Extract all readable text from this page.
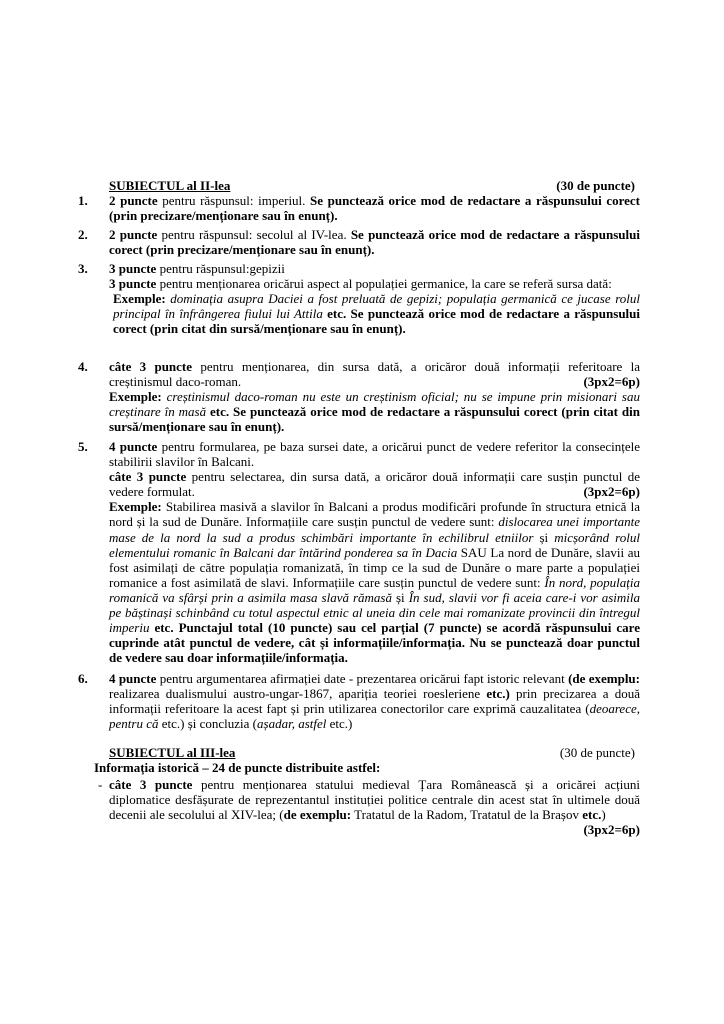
SUBIECTUL al II-lea	(30 de puncte)
1.	2 puncte pentru răspunsul: imperiul. Se punctează orice mod de redactare a răspunsului corect (prin precizare/menționare sau în enunț).
2.	2 puncte pentru răspunsul: secolul al IV-lea. Se punctează orice mod de redactare a răspunsului corect (prin precizare/menționare sau în enunț).
3.	3 puncte pentru răspunsul:gepizii

3 puncte pentru menționarea oricărui aspect al populației germanice, la care se referă sursa dată:

Exemple: dominația asupra Daciei a fost preluată de gepizi; populația germanică ce jucase rolul principal în înfrângerea fiului lui Attila etc. Se punctează orice mod de redactare a răspunsului corect (prin citat din sursă/menționare sau în enunț).

4.	câte 3 puncte pentru menționarea, din sursa dată, a oricăror două informații referitoare la creștinismul daco-roman.	(3px2=6p)

Exemple: creștinismul daco-roman nu este un creștinism oficial; nu se impune prin misionari sau creștinare în masă etc. Se punctează orice mod de redactare a răspunsului corect (prin citat din sursă/menționare sau în enunț).

5.	4 puncte pentru formularea, pe baza sursei date, a oricărui punct de vedere referitor la consecințele stabilirii slavilor în Balcani.

câte 3 puncte pentru selectarea, din sursa dată, a oricăror două informații care susțin punctul de vedere formulat.	(3px2=6p)

Exemple: Stabilirea masivă a slavilor în Balcani a produs modificări profunde în structura etnică la nord și la sud de Dunăre. Informațiile care susțin punctul de vedere sunt: dislocarea unei importante mase de la nord la sud a produs schimbări importante în echilibrul etniilor și micșorând rolul elementului romanic în Balcani dar întărind ponderea sa în Dacia SAU La nord de Dunăre, slavii au fost asimilați de către populația romanizată, în timp ce la sud de Dunăre o mare parte a populației romanice a fost asimilată de slavi. Informațiile care susțin punctul de vedere sunt: În nord, populația romanică va sfârși prin a asimila masa slavă rămasă și În sud, slavii vor fi aceia care-i vor asimila pe băștinași schinbând cu totul aspectul etnic al uneia din cele mai romanizate provincii din întregul imperiu etc. Punctajul total (10 puncte) sau cel parțial (7 puncte) se acordă răspunsului care cuprinde atât punctul de vedere, cât și informațiile/informația. Nu se punctează doar punctul de vedere sau doar informațiile/informația.

6.	4 puncte pentru argumentarea afirmației date - prezentarea oricărui fapt istoric relevant (de exemplu: realizarea dualismului austro-ungar-1867, apariția teoriei roesleriene etc.) prin precizarea a două informații referitoare la acest fapt și prin utilizarea conectorilor care exprimă cauzalitatea (deoarece, pentru că etc.) și concluzia (așadar, astfel etc.)
SUBIECTUL al III-lea	(30 de puncte)
Informația istorică – 24 de puncte distribuite astfel:
- câte 3 puncte pentru menționarea statului medieval Țara Românească și a oricărei acțiuni diplomatice desfășurate de reprezentantul instituției politice centrale din acest stat în ultimele două decenii ale secolului al XIV-lea; (de exemplu: Tratatul de la Radom, Tratatul de la Brașov etc.)
(3px2=6p)
